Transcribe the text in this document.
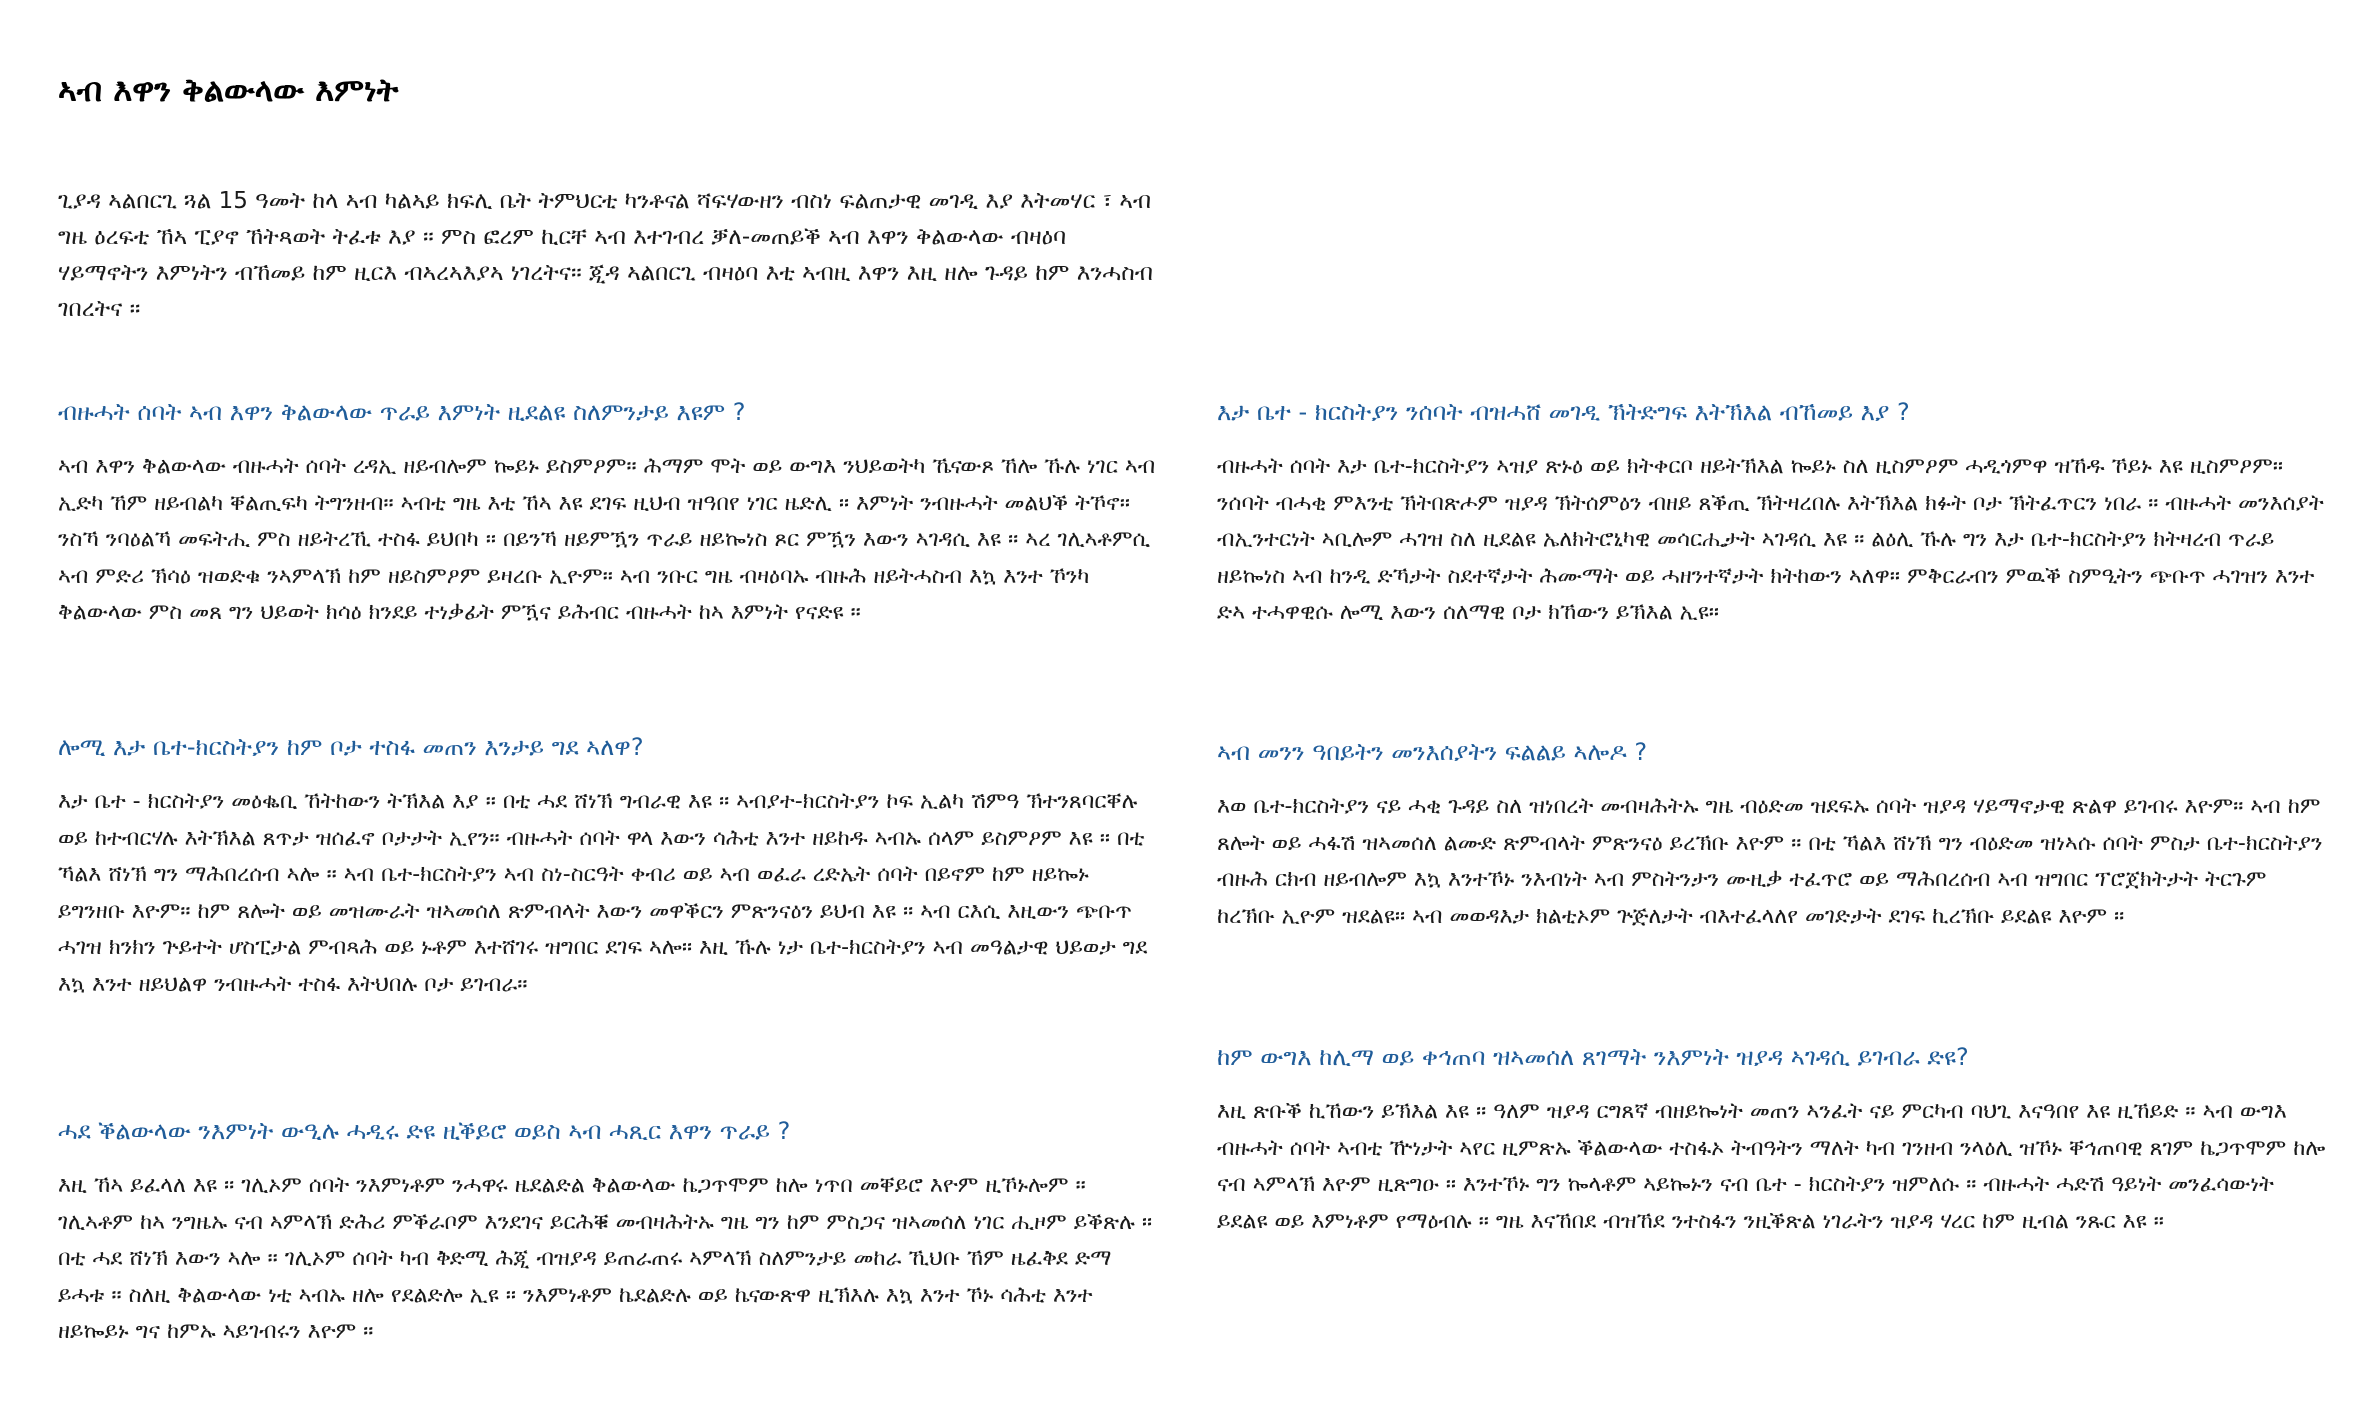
ኣብ እዋን ቅልውላው እምነት

ጊያዳ ኣልበርጊ ጓል 15 ዓመት ከላ ኣብ ካልኣይ ክፍሊ ቤት ትምህርቲ ካንቶናል ሻፍሃውዘን ብስነ ፍልጠታዊ መገዲ እያ እትመሃር ፣ ኣብ ግዜ ዕረፍቲ ኸኣ ፒያኖ ኸትጻወት ትፈቱ እያ ። ምስ ፎረም ኪርቸ ኣብ እተገብረ ቓለ-መጠይቕ ኣብ እዋን ቅልውላው ብዛዕባ ሃይማኖትን እምነትን ብኸመይ ከም ዚርእ ብኣረኣእያኣ ነገረትና። ጂዳ ኣልበርጊ ብዛዕባ እቲ ኣብዚ እዋን እዚ ዘሎ ጉዳይ ከም እንሓስብ ገበረትና ።

ብዙሓት ሰባት ኣብ እዋን ቅልውላው ጥራይ እምነት ዚደልዩ ስለምንታይ እዩም ?

ኣብ እዋን ቅልውላው ብዙሓት ሰባት ረዳኢ ዘይብሎም ኰይኑ ይስምዖም። ሕማም ሞት ወይ ውግእ ንህይወትካ ኼናውጾ ኸሎ ኹሉ ነገር ኣብ ኢድካ ኸም ዘይብልካ ቐልጢፍካ ትግንዘብ። ኣብቲ ግዜ እቲ ኸኣ እዩ ደገፍ ዚህብ ዝዓበየ ነገር ዜድሊ ። እምነት ንብዙሓት መልህቕ ትኾኖ። ንስኻ ንባዕልኻ መፍትሒ ምስ ዘይትረኺ ተስፋ ይህበካ ። በይንኻ ዘይምዃን ጥራይ ዘይኰነስ ጾር ምዃን እውን ኣገዳሲ እዩ ። ኣረ ገሊኣቶምሲ ኣብ ምድሪ ኽሳዕ ዝወድቁ ንኣምላኽ ከም ዘይስምዖም ይዛረቡ ኢዮም። ኣብ ንቡር ግዜ ብዛዕባኡ ብዙሕ ዘይትሓስብ እኳ እንተ ኾንካ ቅልውላው ምስ መጸ ግን ህይወት ክሳዕ ክንደይ ተነቃፊት ምዃና ይሕብር ብዙሓት ከኣ እምነት የናድዩ ።

ሎሚ እታ ቤተ-ክርስትያን ከም ቦታ ተስፋ መጠን እንታይ ግደ ኣለዋ?

እታ ቤተ - ክርስትያን መዕቈቢ ኸትከውን ትኽእል እያ ። በቲ ሓደ ሸነኽ ግብራዊ እዩ ። ኣብያተ-ክርስትያን ኮፍ ኢልካ ሽምዓ ኽተንጸባርቐሉ ወይ ከተብርሃሉ እትኽእል ጸጥታ ዝሰፈኖ ቦታታት ኢየን። ብዙሓት ሰባት ዋላ እውን ሳሕቲ እንተ ዘይከዱ ኣብኡ ሰላም ይስምዖም እዩ ። በቲ ኻልእ ሸነኽ ግን ማሕበረሰብ ኣሎ ። ኣብ ቤተ-ክርስትያን ኣብ ስነ-ስርዓት ቀብሪ ወይ ኣብ ወፈራ ረድኤት ሰባት በይኖም ከም ዘይኰኑ ይግንዘቡ እዮም። ከም ጸሎት ወይ መዝሙራት ዝኣመሰለ ጽምብላት እውን መዋቕርን ምጽንናዕን ይህብ እዩ ። ኣብ ርእሲ እዚውን ጭቡጥ ሓገዝ ክንክን ጕይተት ሆስፒታል ምብጻሕ ወይ ኑቶም እተሸገሩ ዝግበር ደገፍ ኣሎ። እዚ ኹሉ ነታ ቤተ-ክርስትያን ኣብ መዓልታዊ ህይወታ ግደ እኳ እንተ ዘይህልዋ ንብዙሓት ተስፋ እትህበሉ ቦታ ይገብራ።

ሓደ ቕልውላው ንእምነት ውዒሉ ሓዲሩ ድዩ ዚቕይሮ ወይስ ኣብ ሓጺር እዋን ጥራይ ?

እዚ ኸኣ ይፈላለ እዩ ። ገሊኦም ሰባት ንእምነቶም ንሓዋሩ ዜደልድል ቅልውላው ኬጋጥሞም ከሎ ነጥበ መቐይሮ እዮም ዚኾኑሎም ። ገሊኣቶም ከኣ ንግዜኡ ናብ ኣምላኽ ድሕሪ ምቕራቦም እንደገና ይርሕቑ መብዛሕትኡ ግዜ ግን ከም ምስጋና ዝኣመሰለ ነገር ሒዞም ይቕጽሉ ። በቲ ሓደ ሸነኽ እውን ኣሎ ። ገሊኦም ሰባት ካብ ቅድሚ ሕጂ ብዝያዳ ይጠራጠሩ ኣምላኽ ስለምንታይ መከራ ኺህቡ ኸም ዜፈቅደ ድማ ይሓቱ ። ስለዚ ቅልውላው ነቲ ኣብኡ ዘሎ የደልድሎ ኢዩ ። ንእምነቶም ኬደልድሉ ወይ ኬናውጽዋ ዚኽእሉ እኳ እንተ ኾኑ ሳሕቲ እንተ ዘይኰይኑ ግና ከምኡ ኣይገብሩን እዮም ።

እታ ቤተ - ክርስትያን ንሰባት ብዝሓሸ መገዲ ኽትድግፍ እትኽእል ብኸመይ እያ ?

ብዙሓት ሰባት እታ ቤተ-ክርስትያን ኣዝያ ጽኑዕ ወይ ክትቀርቦ ዘይትኽእል ኰይኑ ስለ ዚስምዖም ሓዲጎምዋ ዝኸዱ ኾይኑ እዩ ዚስምዖም። ንሰባት ብሓቂ ምእንቲ ኽትበጽሖም ዝያዳ ኽትሰምዕን ብዘይ ጸቕጢ ኽትዛረበሉ እትኽእል ክፉት ቦታ ኽትፈጥርን ነበራ ። ብዙሓት መንእሰያት ብኢንተርነት ኣቢሎም ሓገዝ ስለ ዚደልዩ ኤለክትሮኒካዊ መሳርሒታት ኣገዳሲ እዩ ። ልዕሊ ኹሉ ግን እታ ቤተ-ክርስትያን ክትዛረብ ጥራይ ዘይኰነስ ኣብ ከንዲ ድኻታት ስደተኛታት ሕሙማት ወይ ሓዘንተኛታት ክትከውን ኣለዋ። ምቅርራብን ምዉቕ ስምዒትን ጭቡጥ ሓገዝን እንተ ድኣ ተሓዋዊሱ ሎሚ እውን ሰለማዊ ቦታ ክኸውን ይኽእል ኢዩ።

ኣብ መንን ዓበይትን መንእሰያትን ፍልልይ ኣሎዶ ?

እወ ቤተ-ክርስትያን ናይ ሓቂ ጉዳይ ስለ ዝነበረት መብዛሕትኡ ግዜ ብዕድመ ዝደፍኡ ሰባት ዝያዳ ሃይማኖታዊ ጽልዋ ይገብሩ እዮም። ኣብ ከም ጸሎት ወይ ሓፋሽ ዝኣመሰለ ልሙድ ጽምብላት ምጽንናዕ ይረኽቡ እዮም ። በቲ ኻልእ ሸነኽ ግን ብዕድመ ዝነኣሱ ሰባት ምስታ ቤተ-ክርስትያን ብዙሕ ርክብ ዘይብሎም እኳ እንተኾኑ ንእብነት ኣብ ምስትንታን ሙዚቃ ተፈጥሮ ወይ ማሕበረሰብ ኣብ ዝግበር ፕሮጀክትታት ትርጉም ከረኽቡ ኢዮም ዝደልዩ። ኣብ መወዳእታ ክልቲኦም ጕጅለታት ብእተፈላለየ መገድታት ደገፍ ኪረኽቡ ይደልዩ እዮም ።

ከም ውግእ ከሊማ ወይ ቀኅጠባ ዝኣመሰለ ጸገማት ንእምነት ዝያዳ ኣገዳሲ ይገብራ ድዩ?

እዚ ጽቡቕ ኪኸውን ይኽእል እዩ ። ዓለም ዝያዳ ርግጸኛ ብዘይኰነት መጠን ኣንፈት ናይ ምርካብ ባህጊ እናዓበየ እዩ ዚኸይድ ። ኣብ ውግእ ብዙሓት ሰባት ኣብቲ ዅነታት ኣየር ዚምጽኡ ቕልውላው ተስፋኦ ትብዓትን ማለት ካብ ገንዘብ ንላዕሊ ዝኾኑ ቐኅጠባዊ ጸገም ኬጋጥሞም ከሎ ናብ ኣምላኽ እዮም ዚጽግዑ ። እንተኾኑ ግን ኰላቶም ኣይኰኑን ናብ ቤተ - ክርስትያን ዝምለሱ ። ብዙሓት ሓድሽ ዓይነት መንፈሳውነት ይደልዩ ወይ እምነቶም የማዕብሉ ። ግዜ እናኸበደ ብዝኸደ ንተስፋን ንዚቕጽል ነገራትን ዝያዳ ሃረር ከም ዚብል ንጹር እዩ ።
